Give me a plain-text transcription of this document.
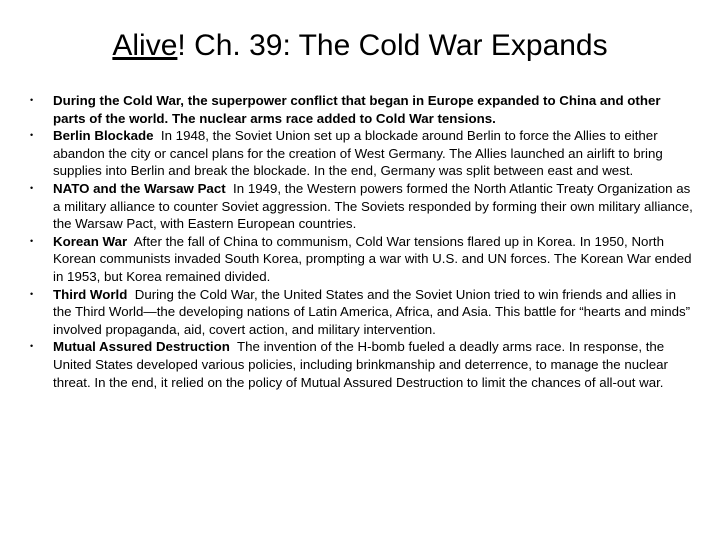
Alive! Ch. 39: The Cold War Expands
•	During the Cold War, the superpower conflict that began in Europe expanded to China and other parts of the world. The nuclear arms race added to Cold War tensions.
•	Berlin Blockade In 1948, the Soviet Union set up a blockade around Berlin to force the Allies to either abandon the city or cancel plans for the creation of West Germany. The Allies launched an airlift to bring supplies into Berlin and break the blockade. In the end, Germany was split between east and west.
•	NATO and the Warsaw Pact In 1949, the Western powers formed the North Atlantic Treaty Organization as a military alliance to counter Soviet aggression. The Soviets responded by forming their own military alliance, the Warsaw Pact, with Eastern European countries.
•	Korean War After the fall of China to communism, Cold War tensions flared up in Korea. In 1950, North Korean communists invaded South Korea, prompting a war with U.S. and UN forces. The Korean War ended in 1953, but Korea remained divided.
•	Third World During the Cold War, the United States and the Soviet Union tried to win friends and allies in the Third World—the developing nations of Latin America, Africa, and Asia. This battle for “hearts and minds” involved propaganda, aid, covert action, and military intervention.
•	Mutual Assured Destruction The invention of the H-bomb fueled a deadly arms race. In response, the United States developed various policies, including brinkmanship and deterrence, to manage the nuclear threat. In the end, it relied on the policy of Mutual Assured Destruction to limit the chances of all-out war.
